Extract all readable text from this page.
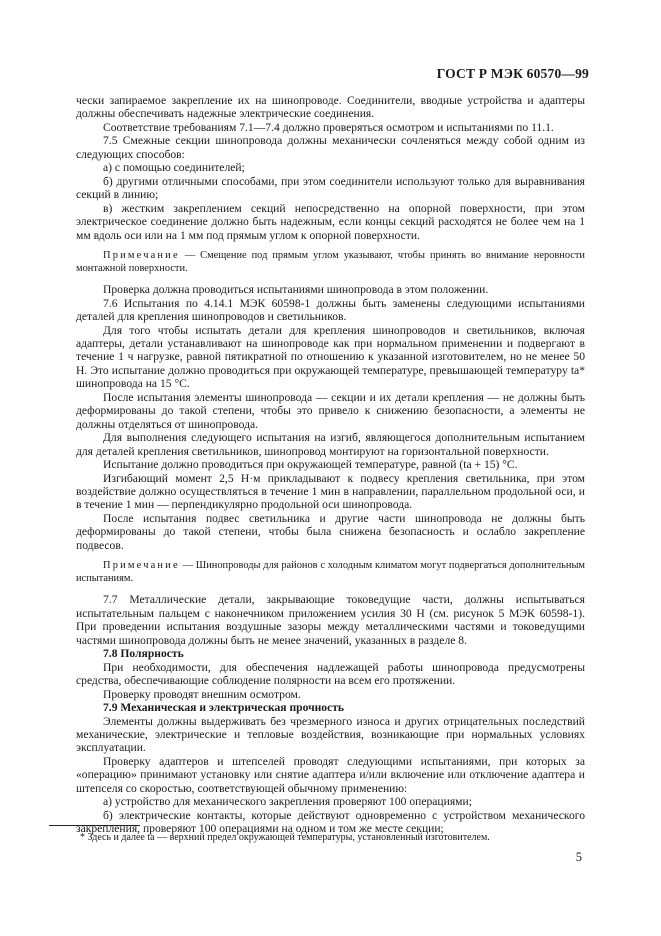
ГОСТ Р МЭК 60570—99

чески запираемое закрепление их на шинопроводе. Соединители, вводные устройства и адаптеры должны обеспечивать надежные электрические соединения.

Соответствие требованиям 7.1—7.4 должно проверяться осмотром и испытаниями по 11.1.

7.5 Смежные секции шинопровода должны механически сочленяться между собой одним из следующих способов:

а) с помощью соединителей;

б) другими отличными способами, при этом соединители используют только для выравнивания секций в линию;

в) жестким закреплением секций непосредственно на опорной поверхности, при этом электрическое соединение должно быть надежным, если концы секций расходятся не более чем на 1 мм вдоль оси или на 1 мм под прямым углом к опорной поверхности.

Примечание — Смещение под прямым углом указывают, чтобы принять во внимание неровности монтажной поверхности.

Проверка должна проводиться испытаниями шинопровода в этом положении.

7.6 Испытания по 4.14.1 МЭК 60598-1 должны быть заменены следующими испытаниями деталей для крепления шинопроводов и светильников.

Для того чтобы испытать детали для крепления шинопроводов и светильников, включая адаптеры, детали устанавливают на шинопроводе как при нормальном применении и подвергают в течение 1 ч нагрузке, равной пятикратной по отношению к указанной изготовителем, но не менее 50 Н. Это испытание должно проводиться при окружающей температуре, превышающей температуру tа* шинопровода на 15 °С.

После испытания элементы шинопровода — секции и их детали крепления — не должны быть деформированы до такой степени, чтобы это привело к снижению безопасности, а элементы не должны отделяться от шинопровода.

Для выполнения следующего испытания на изгиб, являющегося дополнительным испытанием для деталей крепления светильников, шинопровод монтируют на горизонтальной поверхности.

Испытание должно проводиться при окружающей температуре, равной (tа + 15) °С.

Изгибающий момент 2,5 Н·м прикладывают к подвесу крепления светильника, при этом воздействие должно осуществляться в течение 1 мин в направлении, параллельном продольной оси, и в течение 1 мин — перпендикулярно продольной оси шинопровода.

После испытания подвес светильника и другие части шинопровода не должны быть деформированы до такой степени, чтобы была снижена безопасность и ослабло закрепление подвесов.

Примечание — Шинопроводы для районов с холодным климатом могут подвергаться дополнительным испытаниям.

7.7 Металлические детали, закрывающие токоведущие части, должны испытываться испытательным пальцем с наконечником приложением усилия 30 Н (см. рисунок 5 МЭК 60598-1). При проведении испытания воздушные зазоры между металлическими частями и токоведущими частями шинопровода должны быть не менее значений, указанных в разделе 8.

7.8 Полярность

При необходимости, для обеспечения надлежащей работы шинопровода предусмотрены средства, обеспечивающие соблюдение полярности на всем его протяжении.

Проверку проводят внешним осмотром.

7.9 Механическая и электрическая прочность

Элементы должны выдерживать без чрезмерного износа и других отрицательных последствий механические, электрические и тепловые воздействия, возникающие при нормальных условиях эксплуатации.

Проверку адаптеров и штепселей проводят следующими испытаниями, при которых за «операцию» принимают установку или снятие адаптера и/или включение или отключение адаптера и штепселя со скоростью, соответствующей обычному применению:

а) устройство для механического закрепления проверяют 100 операциями;

б) электрические контакты, которые действуют одновременно с устройством механического закрепления, проверяют 100 операциями на одном и том же месте секции;

* Здесь и далее tа — верхний предел окружающей температуры, установленный изготовителем.
5
